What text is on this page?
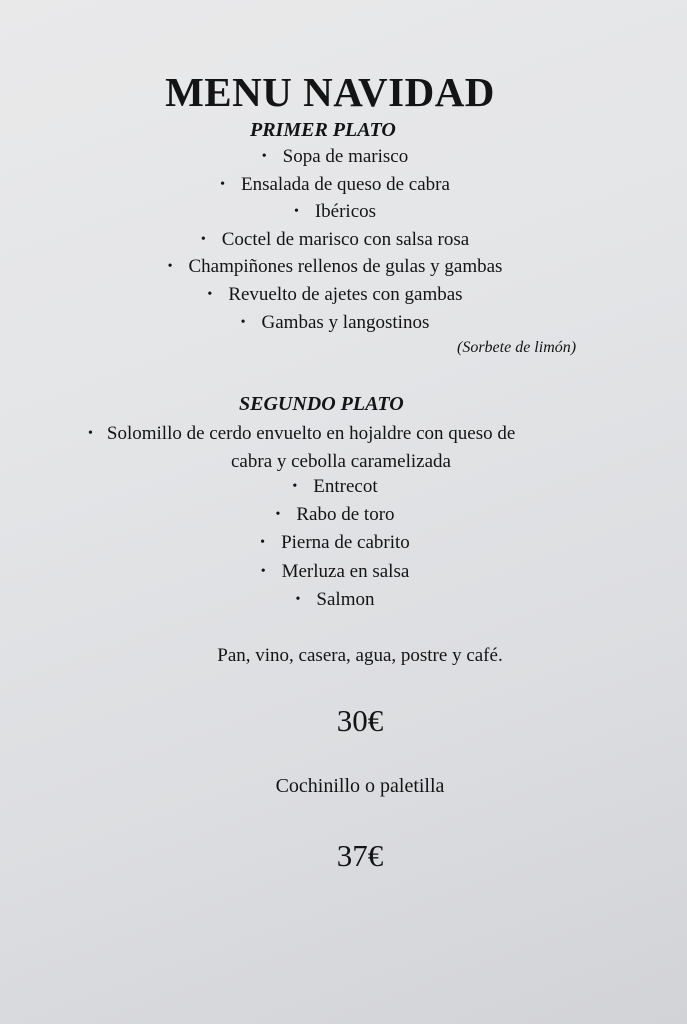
MENU NAVIDAD
PRIMER PLATO
• Sopa de marisco
• Ensalada de queso de cabra
• Ibéricos
• Coctel de marisco con salsa rosa
• Champiñones rellenos de gulas y gambas
• Revuelto de ajetes con gambas
• Gambas y langostinos
(Sorbete de limón)
SEGUNDO PLATO
• Solomillo de cerdo envuelto en hojaldre con queso de
cabra y cebolla caramelizada
• Entrecot
• Rabo de toro
• Pierna de cabrito
• Merluza en salsa
• Salmon
Pan, vino, casera, agua, postre y café.
30€
Cochinillo o paletilla
37€
